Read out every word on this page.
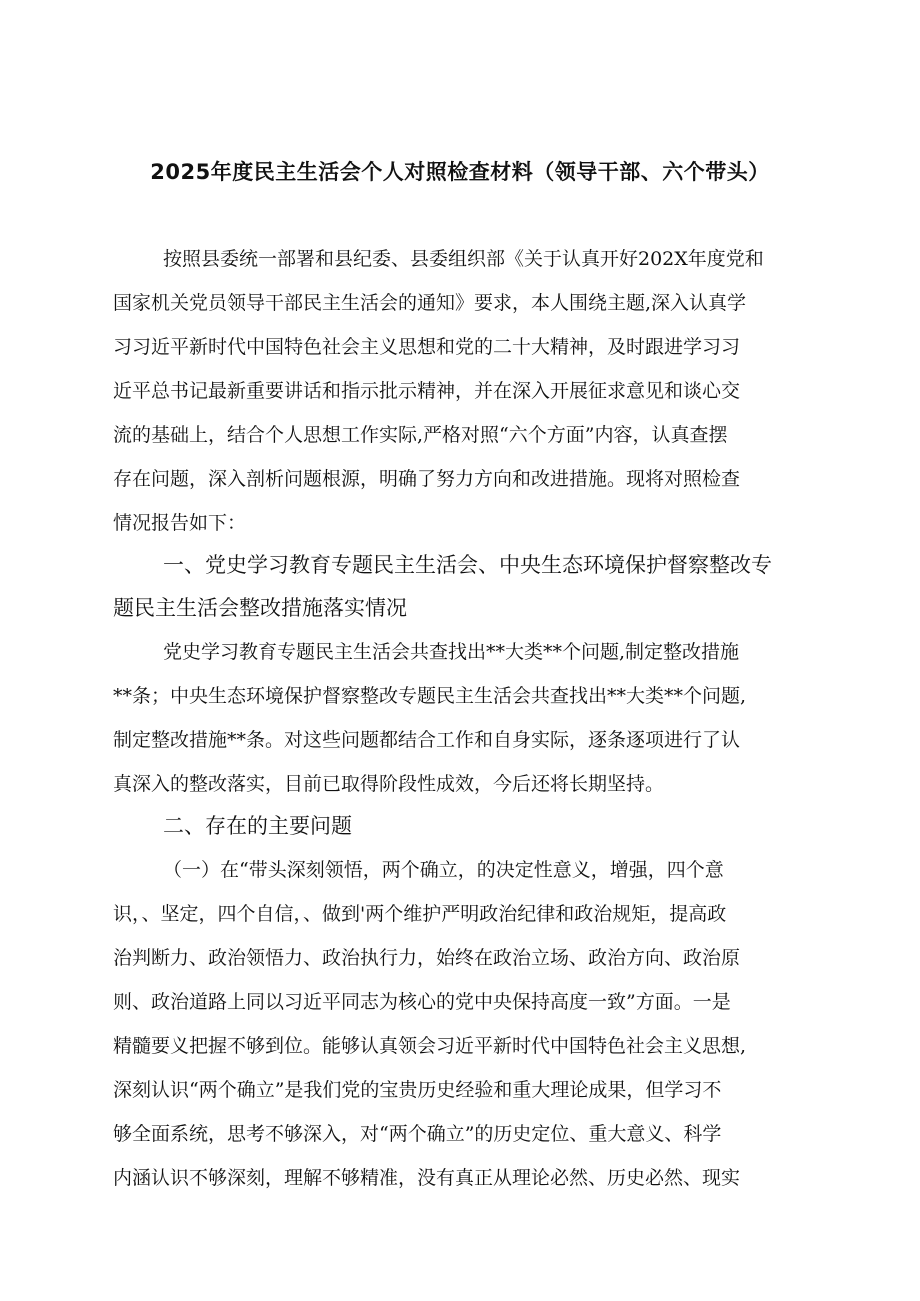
2025年度民主生活会个人对照检查材料（领导干部、六个带头）
按照县委统一部署和县纪委、县委组织部《关于认真开好202X年度党和
国家机关党员领导干部民主生活会的通知》要求，本人围绕主题,深入认真学
习习近平新时代中国特色社会主义思想和党的二十大精神，及时跟进学习习
近平总书记最新重要讲话和指示批示精神，并在深入开展征求意见和谈心交
流的基础上，结合个人思想工作实际,严格对照“六个方面”内容，认真查摆
存在问题，深入剖析问题根源，明确了努力方向和改进措施。现将对照检查
情况报告如下：
一、党史学习教育专题民主生活会、中央生态环境保护督察整改专
题民主生活会整改措施落实情况
党史学习教育专题民主生活会共查找出**大类**个问题,制定整改措施
**条；中央生态环境保护督察整改专题民主生活会共查找出**大类**个问题,
制定整改措施**条。对这些问题都结合工作和自身实际，逐条逐项进行了认
真深入的整改落实，目前已取得阶段性成效，今后还将长期坚持。
二、存在的主要问题
（一）在“带头深刻领悟，两个确立，的决定性意义，增强，四个意
识，、坚定，四个自信，、做到'两个维护严明政治纪律和政治规矩，提高政
治判断力、政治领悟力、政治执行力，始终在政治立场、政治方向、政治原
则、政治道路上同以习近平同志为核心的党中央保持高度一致”方面。一是
精髓要义把握不够到位。能够认真领会习近平新时代中国特色社会主义思想,
深刻认识“两个确立”是我们党的宝贵历史经验和重大理论成果，但学习不
够全面系统，思考不够深入，对“两个确立”的历史定位、重大意义、科学
内涵认识不够深刻，理解不够精准，没有真正从理论必然、历史必然、现实
